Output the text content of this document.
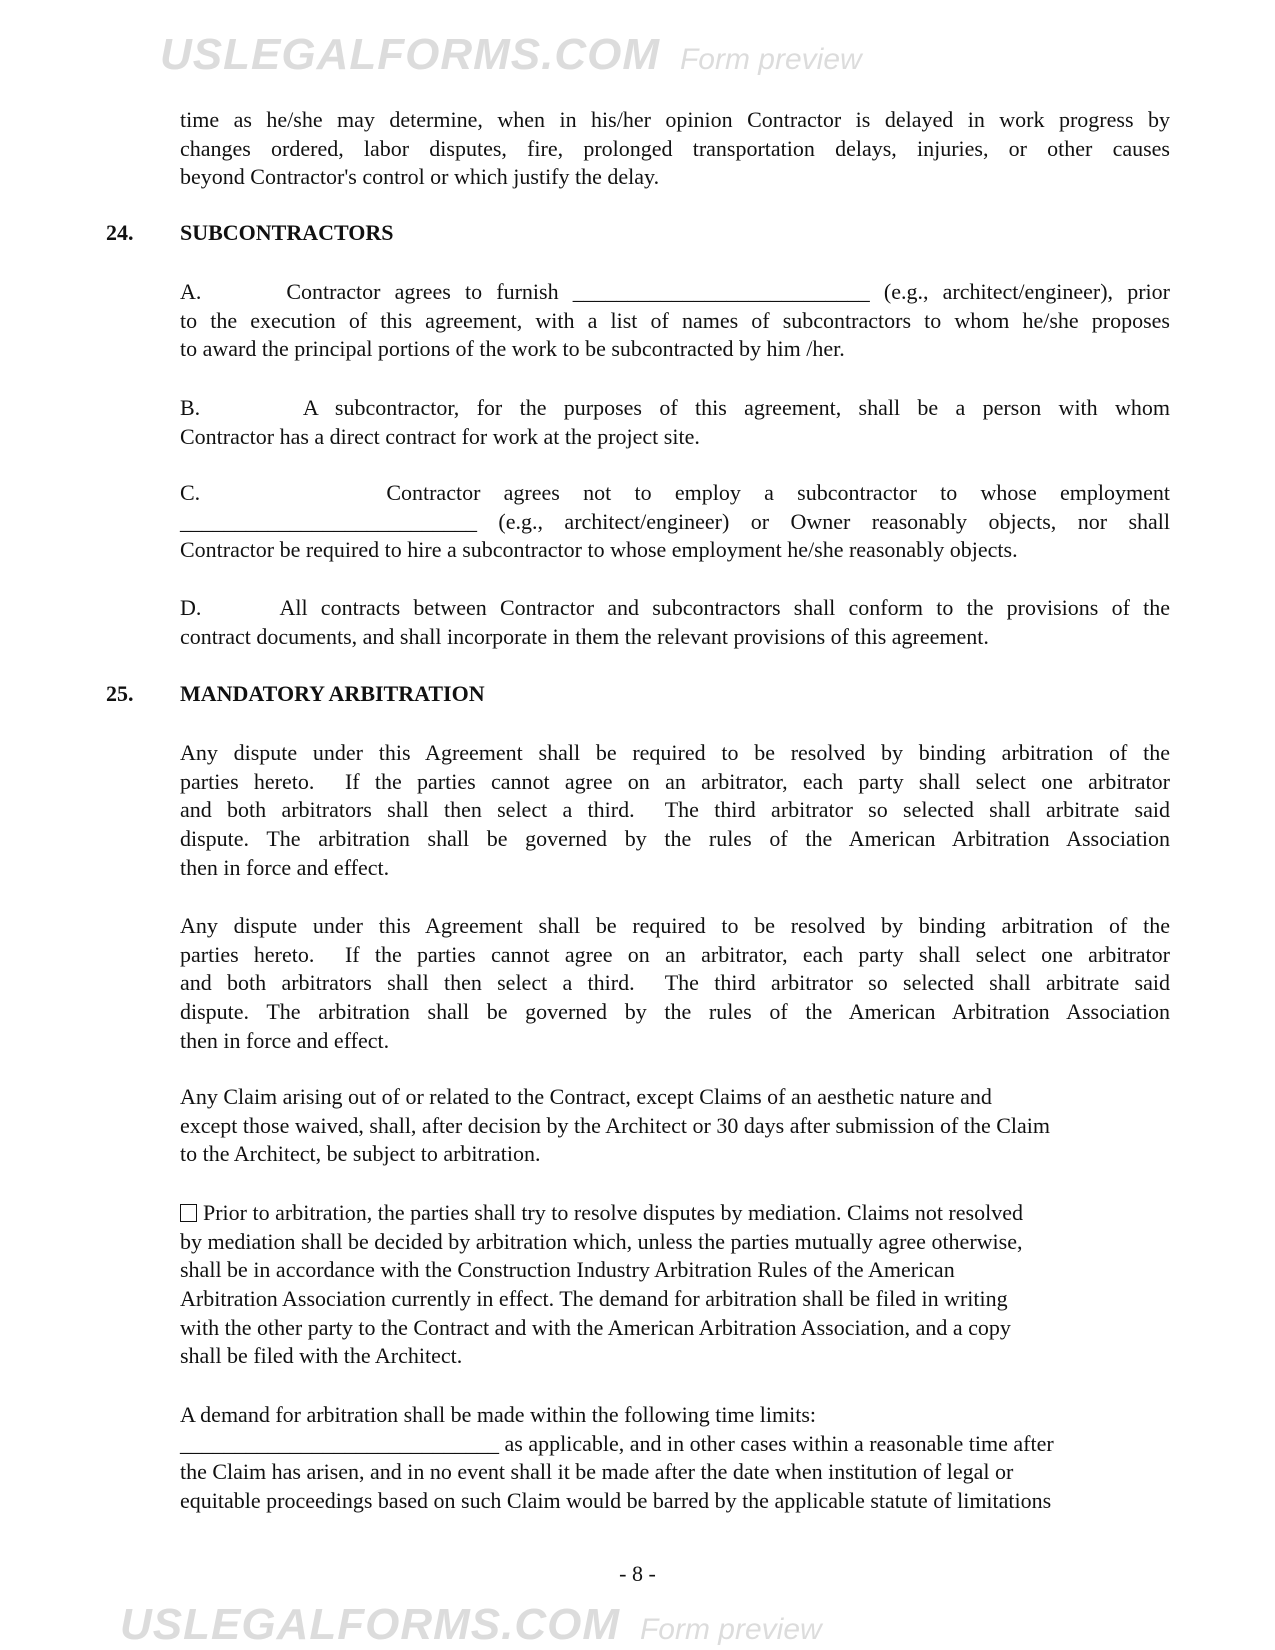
USLEGALFORMS.COM Form preview
USLEGALFORMS.COM Form preview
24. SUBCONTRACTORS
25. MANDATORY ARBITRATION
time as he/she may determine, when in his/her opinion Contractor is delayed in work progress by
changes ordered, labor disputes, fire, prolonged transportation delays, injuries, or other causes
beyond Contractor's control or which justify the delay.
A.      Contractor agrees to furnish ___________________________ (e.g., architect/engineer), prior
to the execution of this agreement, with a list of names of subcontractors to whom he/she proposes
to award the principal portions of the work to be subcontracted by him /her.
B.      A subcontractor, for the purposes of this agreement, shall be a person with whom
Contractor has a direct contract for work at the project site.
C.        Contractor agrees not to employ a subcontractor to whose employment
___________________________ (e.g., architect/engineer) or Owner reasonably objects, nor shall
Contractor be required to hire a subcontractor to whose employment he/she reasonably objects.
D.      All contracts between Contractor and subcontractors shall conform to the provisions of the
contract documents, and shall incorporate in them the relevant provisions of this agreement.
Any dispute under this Agreement shall be required to be resolved by binding arbitration of the
parties hereto.  If the parties cannot agree on an arbitrator, each party shall select one arbitrator
and both arbitrators shall then select a third.  The third arbitrator so selected shall arbitrate said
dispute. The arbitration shall be governed by the rules of the American Arbitration Association
then in force and effect.
Any dispute under this Agreement shall be required to be resolved by binding arbitration of the
parties hereto.  If the parties cannot agree on an arbitrator, each party shall select one arbitrator
and both arbitrators shall then select a third.  The third arbitrator so selected shall arbitrate said
dispute. The arbitration shall be governed by the rules of the American Arbitration Association
then in force and effect.
Any Claim arising out of or related to the Contract, except Claims of an aesthetic nature and
except those waived, shall, after decision by the Architect or 30 days after submission of the Claim
to the Architect, be subject to arbitration.
Prior to arbitration, the parties shall try to resolve disputes by mediation. Claims not resolved
by mediation shall be decided by arbitration which, unless the parties mutually agree otherwise,
shall be in accordance with the Construction Industry Arbitration Rules of the American
Arbitration Association currently in effect. The demand for arbitration shall be filed in writing
with the other party to the Contract and with the American Arbitration Association, and a copy
shall be filed with the Architect.
A demand for arbitration shall be made within the following time limits:
_____________________________ as applicable, and in other cases within a reasonable time after
the Claim has arisen, and in no event shall it be made after the date when institution of legal or
equitable proceedings based on such Claim would be barred by the applicable statute of limitations
- 8 -
